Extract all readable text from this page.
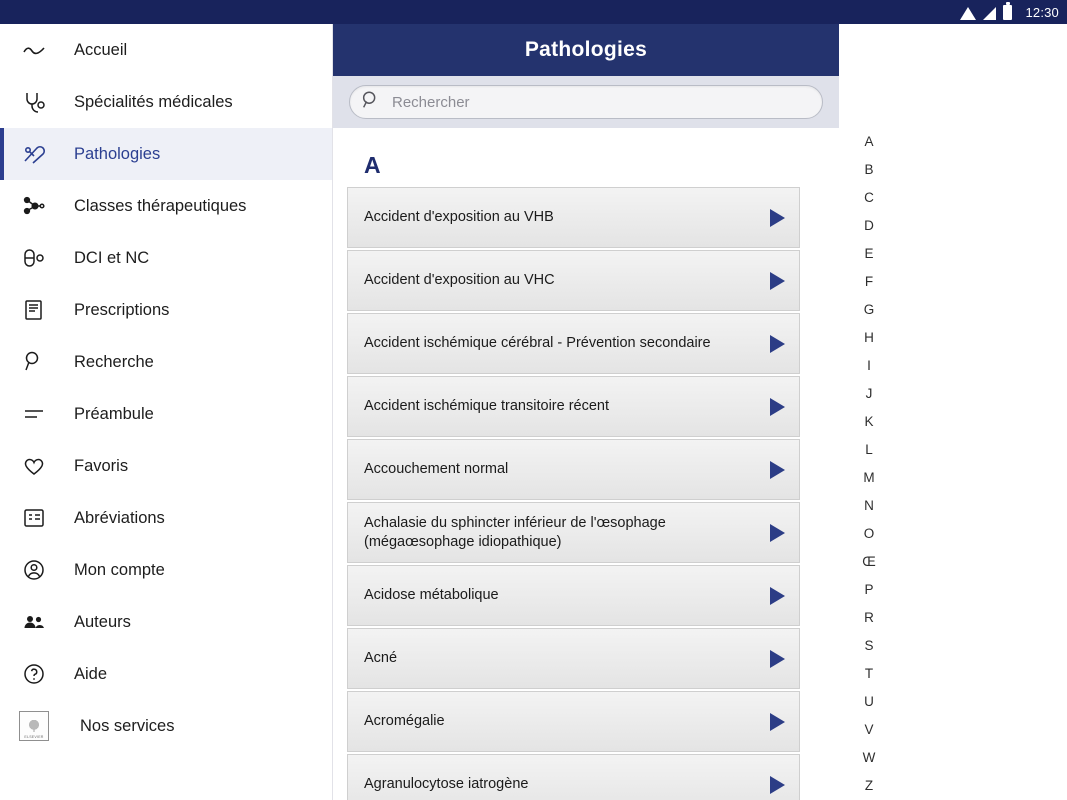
12:30
Accueil
Spécialités médicales
Pathologies
Classes thérapeutiques
DCI et NC
Prescriptions
Recherche
Préambule
Favoris
Abréviations
Mon compte
Auteurs
Aide
ELSEVIER
Nos services
Pathologies
Rechercher
A
Accident d'exposition au VHB
Accident d'exposition au VHC
Accident ischémique cérébral - Prévention secondaire
Accident ischémique transitoire récent
Accouchement normal
Achalasie du sphincter inférieur de l'œsophage (mégaœsophage idiopathique)
Acidose métabolique
Acné
Acromégalie
Agranulocytose iatrogène
A
B
C
D
E
F
G
H
I
J
K
L
M
N
O
Œ
P
R
S
T
U
V
W
Z
